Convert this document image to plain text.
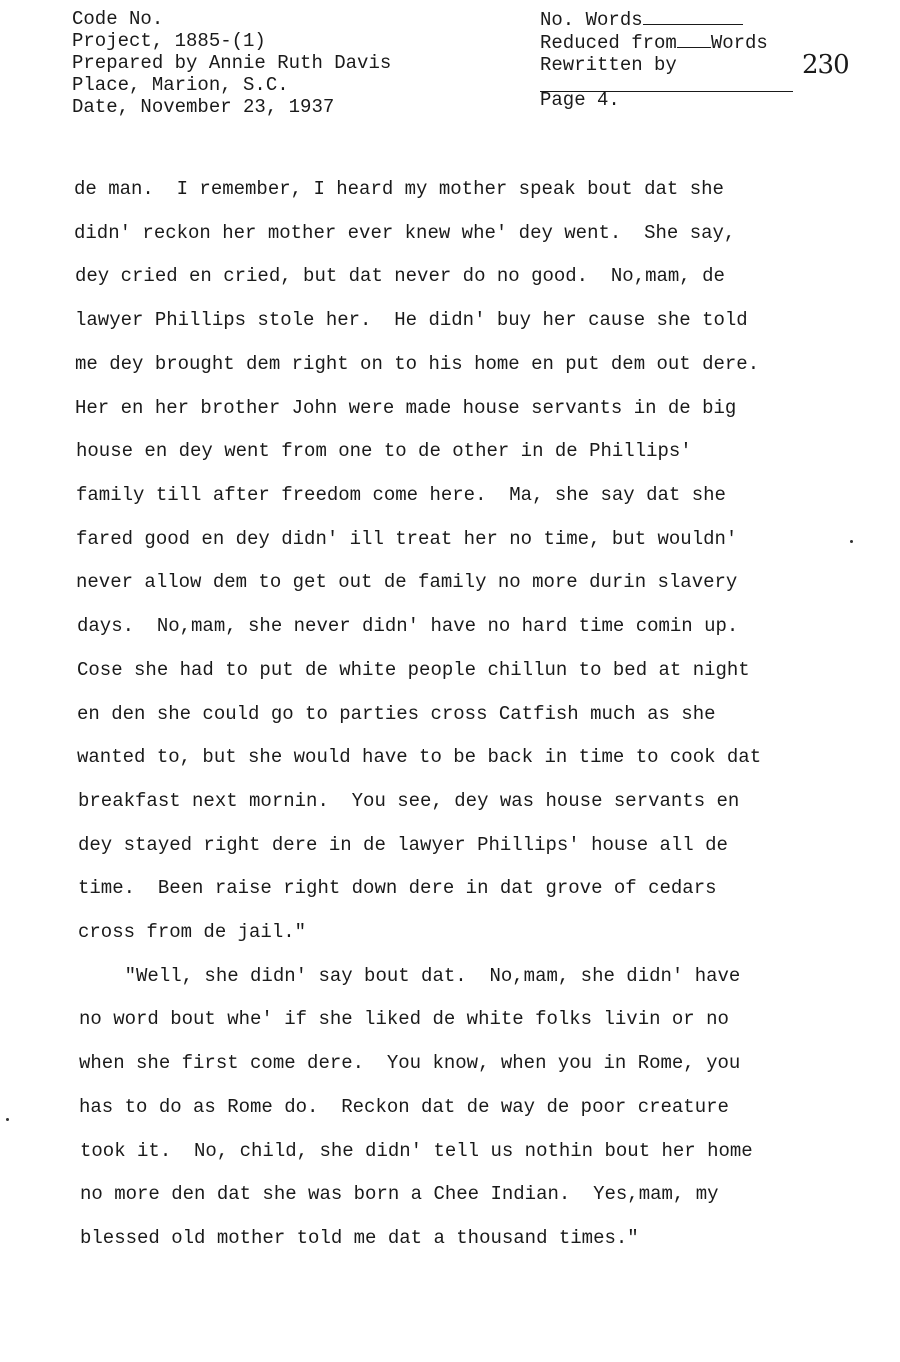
Code No.
Project, 1885-(1)
Prepared by Annie Ruth Davis
Place, Marion, S.C.
Date, November 23, 1937
No. Words
Reduced from Words
Rewritten by
Page 4.
230
de man.  I remember, I heard my mother speak bout dat she
didn' reckon her mother ever knew whe' dey went.  She say,
dey cried en cried, but dat never do no good.  No,mam, de
lawyer Phillips stole her.  He didn' buy her cause she told
me dey brought dem right on to his home en put dem out dere.
Her en her brother John were made house servants in de big
house en dey went from one to de other in de Phillips'
family till after freedom come here.  Ma, she say dat she
fared good en dey didn' ill treat her no time, but wouldn'
never allow dem to get out de family no more durin slavery
days.  No,mam, she never didn' have no hard time comin up.
Cose she had to put de white people chillun to bed at night
en den she could go to parties cross Catfish much as she
wanted to, but she would have to be back in time to cook dat
breakfast next mornin.  You see, dey was house servants en
dey stayed right dere in de lawyer Phillips' house all de
time.  Been raise right down dere in dat grove of cedars
cross from de jail."
"Well, she didn' say bout dat.  No,mam, she didn' have
no word bout whe' if she liked de white folks livin or no
when she first come dere.  You know, when you in Rome, you
has to do as Rome do.  Reckon dat de way de poor creature
took it.  No, child, she didn' tell us nothin bout her home
no more den dat she was born a Chee Indian.  Yes,mam, my
blessed old mother told me dat a thousand times."
